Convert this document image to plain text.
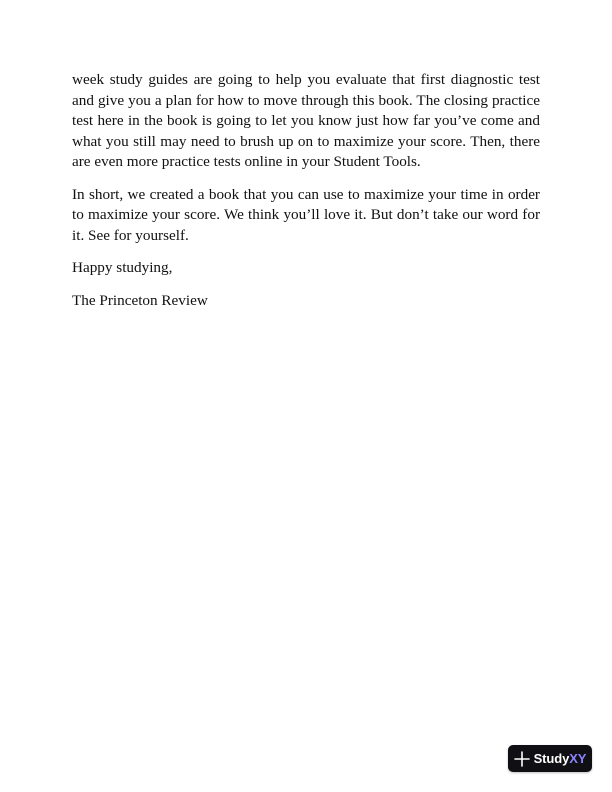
week study guides are going to help you evaluate that first diagnostic test and give you a plan for how to move through this book. The closing practice test here in the book is going to let you know just how far you’ve come and what you still may need to brush up on to maximize your score. Then, there are even more practice tests online in your Student Tools.

In short, we created a book that you can use to maximize your time in order to maximize your score. We think you’ll love it. But don’t take our word for it. See for yourself.

Happy studying,

The Princeton Review

StudyXY
